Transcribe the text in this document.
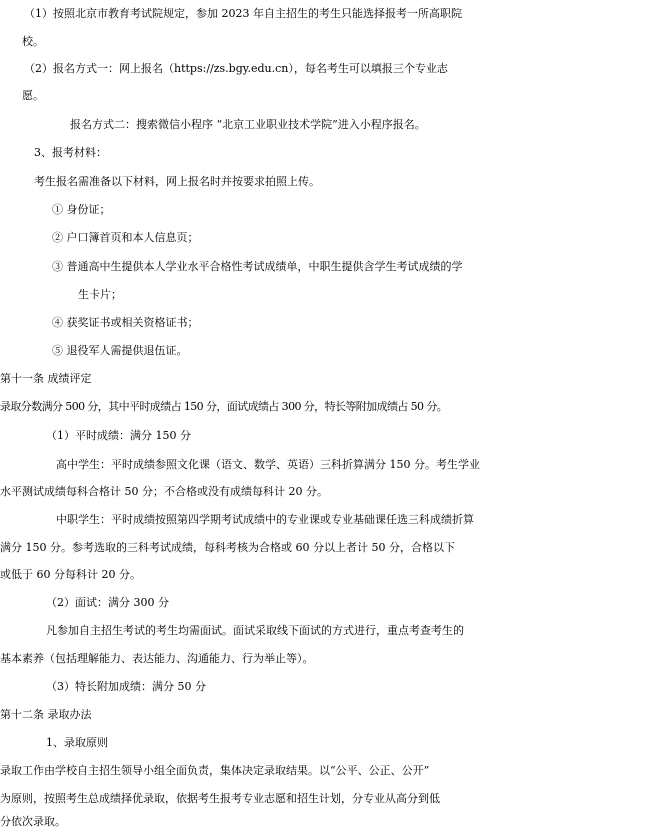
（1）按照北京市教育考试院规定，参加 2023 年自主招生的考生只能选择报考一所高职院
校。
（2）报名方式一：网上报名（https://zs.bgy.edu.cn），每名考生可以填报三个专业志
愿。
报名方式二：搜索微信小程序 “北京工业职业技术学院”进入小程序报名。
3、报考材料：
考生报名需准备以下材料，网上报名时并按要求拍照上传。
① 身份证；
② 户口簿首页和本人信息页；
③ 普通高中生提供本人学业水平合格性考试成绩单，中职生提供含学生考试成绩的学
生卡片；
④ 获奖证书或相关资格证书；
⑤ 退役军人需提供退伍证。
第十一条 成绩评定
录取分数满分 500 分，其中平时成绩占 150 分，面试成绩占 300 分，特长等附加成绩占 50 分。
（1）平时成绩：满分 150 分
高中学生：平时成绩参照文化课（语文、数学、英语）三科折算满分 150 分。考生学业
水平测试成绩每科合格计 50 分；不合格或没有成绩每科计 20 分。
中职学生：平时成绩按照第四学期考试成绩中的专业课或专业基础课任选三科成绩折算
满分 150 分。参考选取的三科考试成绩，每科考核为合格或 60 分以上者计 50 分，合格以下
或低于 60 分每科计 20 分。
（2）面试：满分 300 分
凡参加自主招生考试的考生均需面试。面试采取线下面试的方式进行，重点考查考生的
基本素养（包括理解能力、表达能力、沟通能力、行为举止等）。
（3）特长附加成绩：满分 50 分
第十二条 录取办法
1、录取原则
录取工作由学校自主招生领导小组全面负责，集体决定录取结果。以“公平、公正、公开”
为原则，按照考生总成绩择优录取，依据考生报考专业志愿和招生计划，分专业从高分到低
分依次录取。
